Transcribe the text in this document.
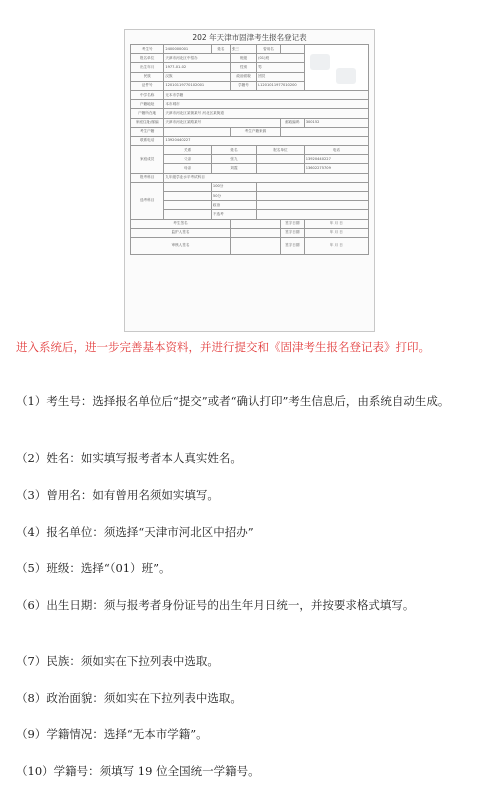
202 年天津市固津考生报名登记表
考生号	2400000001	姓名	张三	曾用名		

报名单位	天津市河北区中招办		班级	(01)班		
出生年月	1977-01-02		性别	男		
民族	汉族		政治面貌	团员		
证件号	12010119770102001		学籍号	L1201011977010200		
中学名称	无本市学籍					
户籍地址	本市城市					
户籍所在地	天津市河北区某街某号 河北区某街道					
家庭住址/邮编	天津市河北区某路某号				邮政编码	300152
考生户籍			考生户籍来源			
联系电话	13920440227					
家庭成员	关系	姓名		报名单位		电话
	父亲	张九				13920440227
	母亲	刘霞				13602275709
报考科目	九年级学业水平考试科目					
选考科目		100分				
		50分				
		政治				
		不选考				
考生签名					签字日期	年 月 日
监护人签名					签字日期	年 月 日
审核人签名					签字日期	年 月 日
进入系统后，进一步完善基本资料，并进行提交和《固津考生报名登记表》打印。
（1）考生号：选择报名单位后“提交”或者“确认打印”考生信息后，由系统自动生成。
（2）姓名：如实填写报考者本人真实姓名。
（3）曾用名：如有曾用名须如实填写。
（4）报名单位：须选择“天津市河北区中招办”
（5）班级：选择“（01）班”。
（6）出生日期：须与报考者身份证号的出生年月日统一，并按要求格式填写。
（7）民族：须如实在下拉列表中选取。
（8）政治面貌：须如实在下拉列表中选取。
（9）学籍情况：选择“无本市学籍”。
（10）学籍号：须填写 19 位全国统一学籍号。
